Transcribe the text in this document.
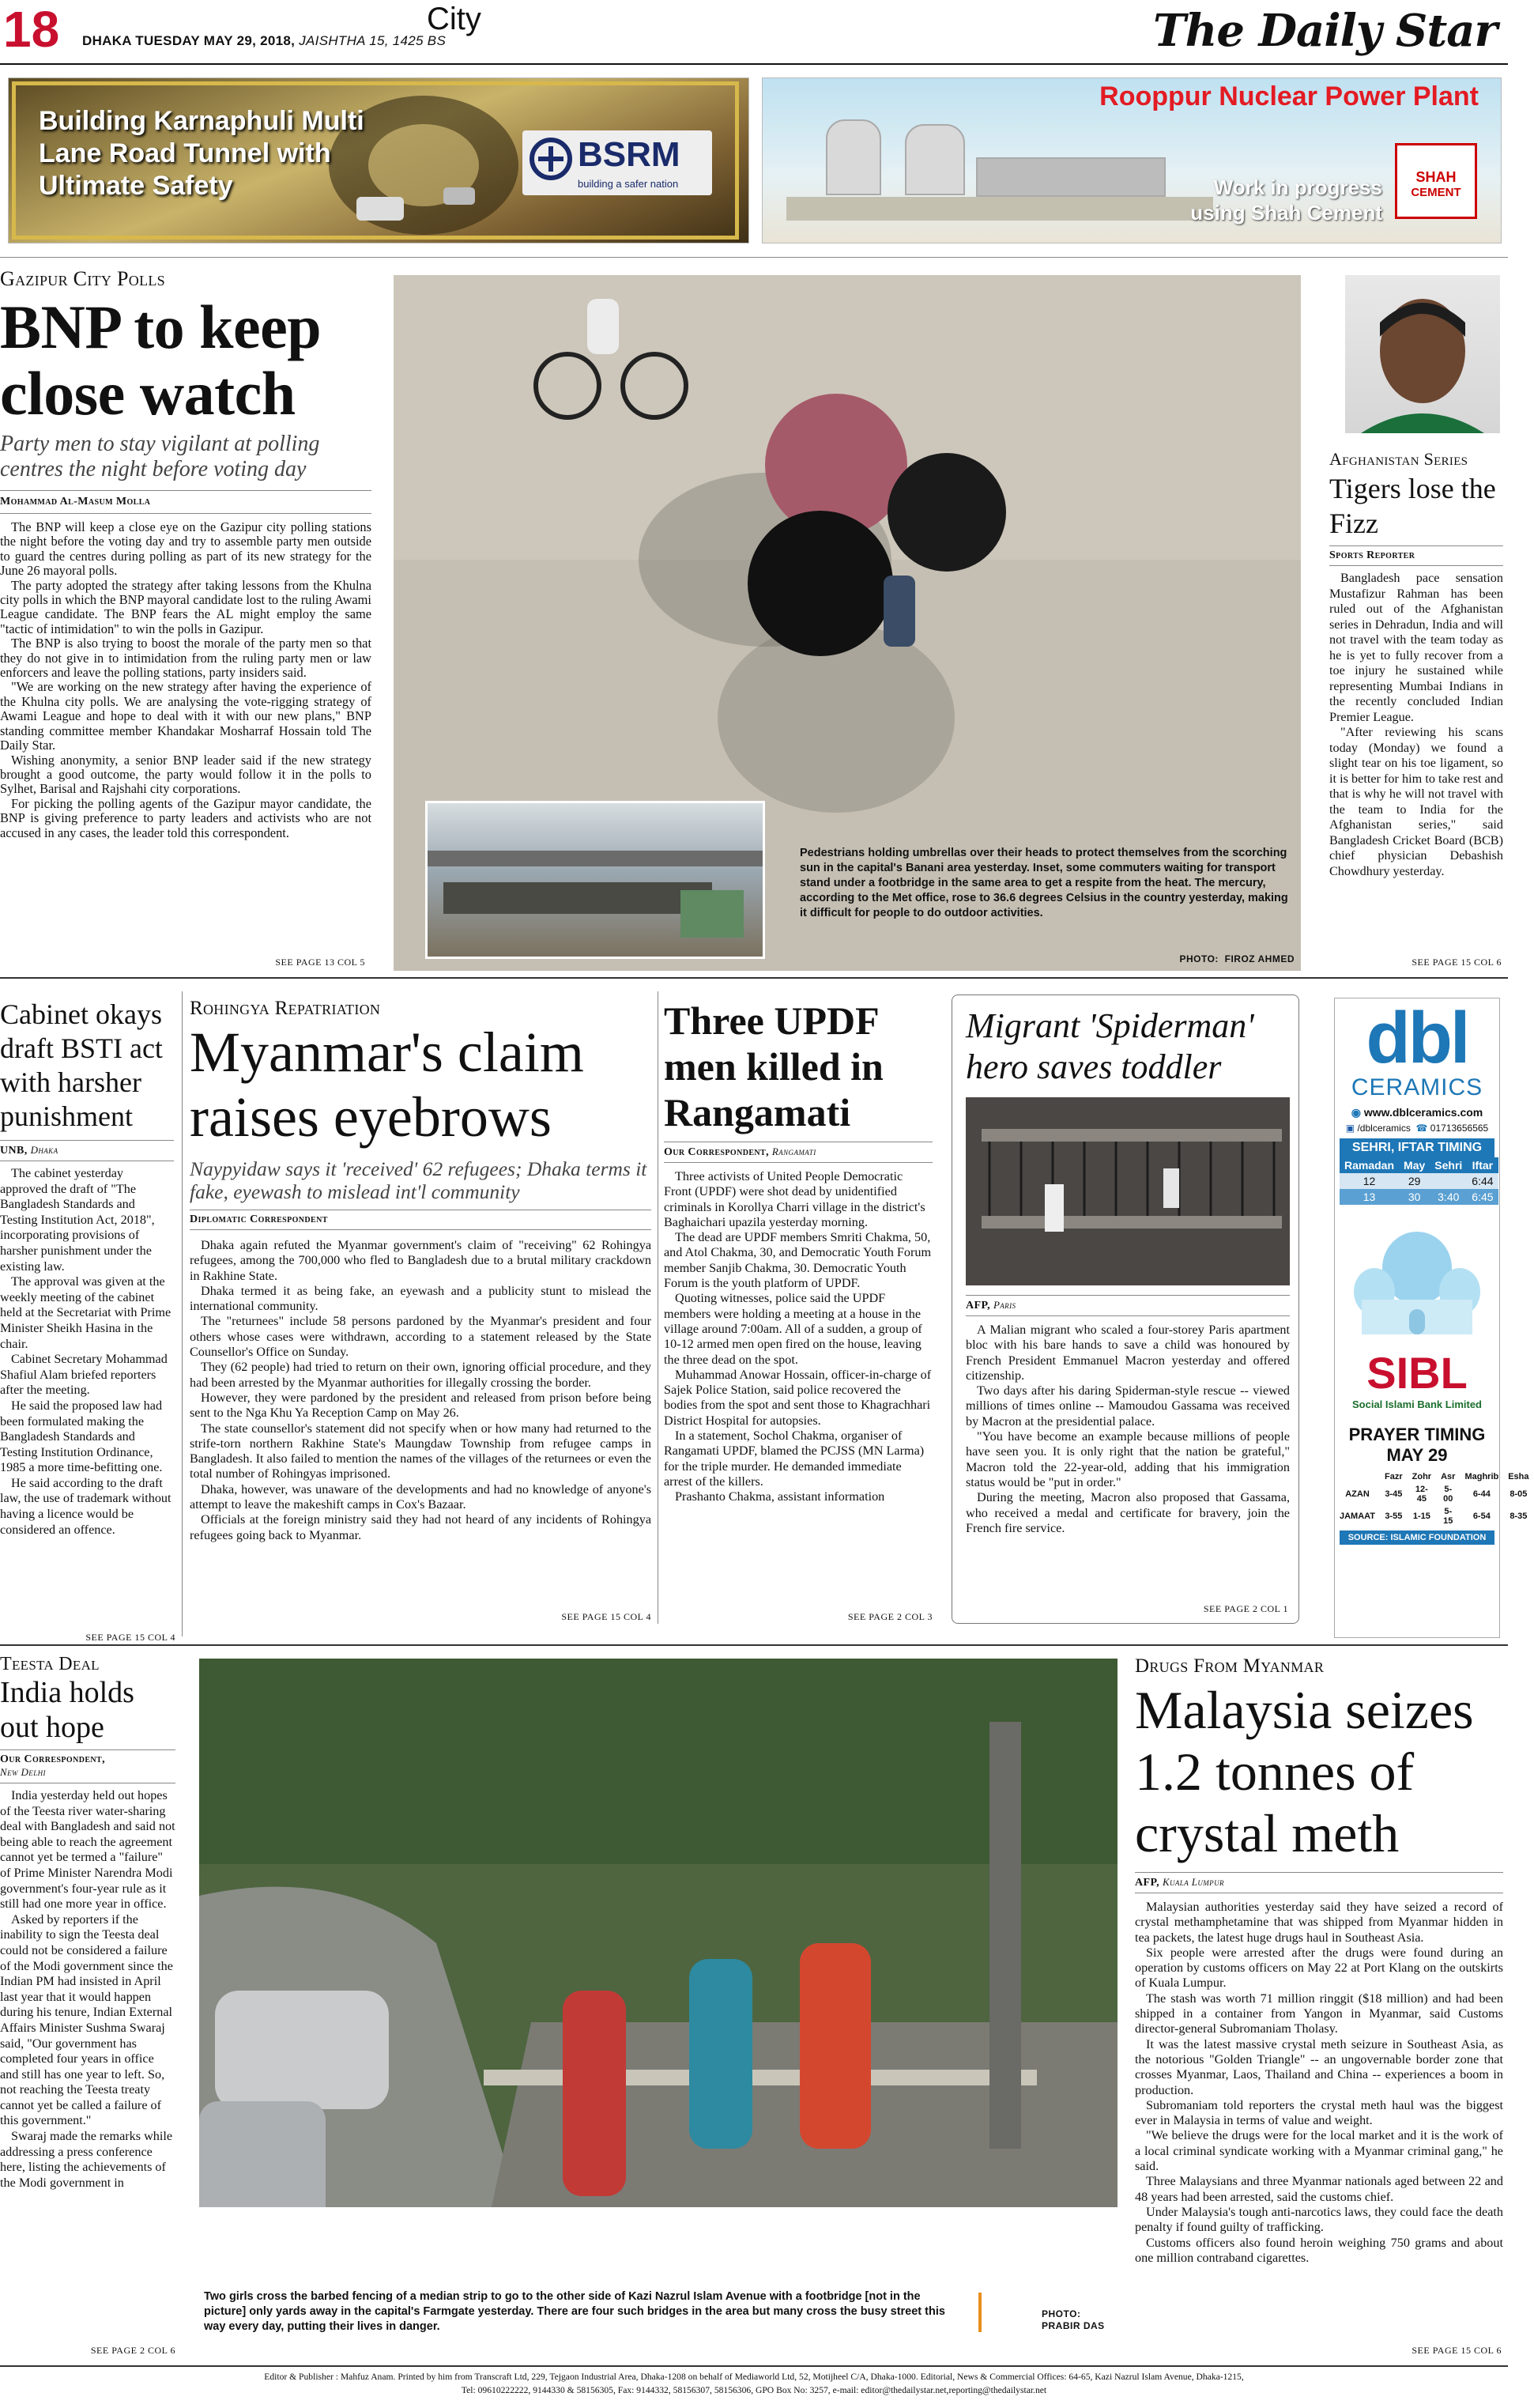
18	DHAKA TUESDAY MAY 29, 2018, JAISHTHA 15, 1425 BS
City	The Daily Star
Building Karnaphuli Multi Lane Road Tunnel with Ultimate Safety
BSRM
building a safer nation
Rooppur Nuclear Power Plant
Work in progress
using Shah Cement
SHAH
CEMENT
Gazipur City Polls
BNP to keep close watch
Party men to stay vigilant at polling centres the night before voting day
Mohammad Al-Masum Molla

The BNP will keep a close eye on the Gazipur city polling stations the night before the voting day and try to assemble party men outside to guard the centres during polling as part of its new strategy for the June 26 mayoral polls.

The party adopted the strategy after taking lessons from the Khulna city polls in which the BNP mayoral candidate lost to the ruling Awami League candidate. The BNP fears the AL might employ the same "tactic of intimidation" to win the polls in Gazipur.

The BNP is also trying to boost the morale of the party men so that they do not give in to intimidation from the ruling party men or law enforcers and leave the polling stations, party insiders said.

"We are working on the new strategy after having the experience of the Khulna city polls. We are analysing the vote-rigging strategy of Awami League and hope to deal with it with our new plans," BNP standing committee member Khandakar Mosharraf Hossain told The Daily Star.

Wishing anonymity, a senior BNP leader said if the new strategy brought a good outcome, the party would follow it in the polls to Sylhet, Barisal and Rajshahi city corporations.

For picking the polling agents of the Gazipur mayor candidate, the BNP is giving preference to party leaders and activists who are not accused in any cases, the leader told this correspondent.

SEE PAGE 13 COL 5
Pedestrians holding umbrellas over their heads to protect themselves from the scorching sun in the capital's Banani area yesterday. Inset, some commuters waiting for transport stand under a footbridge in the same area to get a respite from the heat. The mercury, according to the Met office, rose to 36.6 degrees Celsius in the country yesterday, making it difficult for people to do outdoor activities.
PHOTO: FIROZ AHMED
Afghanistan Series
Tigers lose the Fizz
Sports Reporter

Bangladesh pace sensation Mustafizur Rahman has been ruled out of the Afghanistan series in Dehradun, India and will not travel with the team today as he is yet to fully recover from a toe injury he sustained while representing Mumbai Indians in the recently concluded Indian Premier League.

"After reviewing his scans today (Monday) we found a slight tear on his toe ligament, so it is better for him to take rest and that is why he will not travel with the team to India for the Afghanistan series," said Bangladesh Cricket Board (BCB) chief physician Debashish Chowdhury yesterday.

SEE PAGE 15 COL 6
Cabinet okays draft BSTI act with harsher punishment
UNB, Dhaka

The cabinet yesterday approved the draft of "The Bangladesh Standards and Testing Institution Act, 2018", incorporating provisions of harsher punishment under the existing law.

The approval was given at the weekly meeting of the cabinet held at the Secretariat with Prime Minister Sheikh Hasina in the chair.

Cabinet Secretary Mohammad Shafiul Alam briefed reporters after the meeting.

He said the proposed law had been formulated making the Bangladesh Standards and Testing Institution Ordinance, 1985 a more time-befitting one.

He said according to the draft law, the use of trademark without having a licence would be considered an offence.

SEE PAGE 15 COL 4
Rohingya Repatriation
Myanmar's claim raises eyebrows
Naypyidaw says it 'received' 62 refugees; Dhaka terms it fake, eyewash to mislead int'l community
Diplomatic Correspondent

Dhaka again refuted the Myanmar government's claim of "receiving" 62 Rohingya refugees, among the 700,000 who fled to Bangladesh due to a brutal military crackdown in Rakhine State.

Dhaka termed it as being fake, an eyewash and a publicity stunt to mislead the international community.

The "returnees" include 58 persons pardoned by the Myanmar's president and four others whose cases were withdrawn, according to a statement released by the State Counsellor's Office on Sunday.

They (62 people) had tried to return on their own, ignoring official procedure, and they had been arrested by the Myanmar authorities for illegally crossing the border.

However, they were pardoned by the president and released from prison before being sent to the Nga Khu Ya Reception Camp on May 26.

The state counsellor's statement did not specify when or how many had returned to the strife-torn northern Rakhine State's Maungdaw Township from refugee camps in Bangladesh. It also failed to mention the names of the villages of the returnees or even the total number of Rohingyas imprisoned.

Dhaka, however, was unaware of the developments and had no knowledge of anyone's attempt to leave the makeshift camps in Cox's Bazaar.

Officials at the foreign ministry said they had not heard of any incidents of Rohingya refugees going back to Myanmar.

SEE PAGE 15 COL 4
Three UPDF men killed in Rangamati
Our Correspondent, Rangamati

Three activists of United People Democratic Front (UPDF) were shot dead by unidentified criminals in Korollya Charri village in the district's Baghaichari upazila yesterday morning.

The dead are UPDF members Smriti Chakma, 50, and Atol Chakma, 30, and Democratic Youth Forum member Sanjib Chakma, 30. Democratic Youth Forum is the youth platform of UPDF.

Quoting witnesses, police said the UPDF members were holding a meeting at a house in the village around 7:00am. All of a sudden, a group of 10-12 armed men open fired on the house, leaving the three dead on the spot.

Muhammad Anowar Hossain, officer-in-charge of Sajek Police Station, said police recovered the bodies from the spot and sent those to Khagrachhari District Hospital for autopsies.

In a statement, Sochol Chakma, organiser of Rangamati UPDF, blamed the PCJSS (MN Larma) for the triple murder. He demanded immediate arrest of the killers.

Prashanto Chakma, assistant information

SEE PAGE 2 COL 3
Migrant 'Spiderman' hero saves toddler
AFP, Paris

A Malian migrant who scaled a four-storey Paris apartment bloc with his bare hands to save a child was honoured by French President Emmanuel Macron yesterday and offered citizenship.

Two days after his daring Spiderman-style rescue -- viewed millions of times online -- Mamoudou Gassama was received by Macron at the presidential palace.

"You have become an example because millions of people have seen you. It is only right that the nation be grateful," Macron told the 22-year-old, adding that his immigration status would be "put in order."

During the meeting, Macron also proposed that Gassama, who received a medal and certificate for bravery, join the French fire service.

SEE PAGE 2 COL 1
dbl
CERAMICS
◉ www.dblceramics.com
▣ /dblceramics ☎ 01713656565
SEHRI, IFTAR TIMING
Ramadan	May	Sehri	Iftar
12	29		6:44
13	30	3:40	6:45
SIBL
Social Islami Bank Limited
PRAYER TIMING
MAY 29
	Fazr	Zohr	Asr	Maghrib	Esha
AZAN	3-45	12-45	5-00	6-44	8-05
JAMAAT	3-55	1-15	5-15	6-54	8-35
SOURCE: ISLAMIC FOUNDATION
Teesta Deal
India holds out hope
Our Correspondent,
New Delhi

India yesterday held out hopes of the Teesta river water-sharing deal with Bangladesh and said not being able to reach the agreement cannot yet be termed a "failure" of Prime Minister Narendra Modi government's four-year rule as it still had one more year in office.

Asked by reporters if the inability to sign the Teesta deal could not be considered a failure of the Modi government since the Indian PM had insisted in April last year that it would happen during his tenure, Indian External Affairs Minister Sushma Swaraj said, "Our government has completed four years in office and still has one year to left. So, not reaching the Teesta treaty cannot yet be called a failure of this government."

Swaraj made the remarks while addressing a press conference here, listing the achievements of the Modi government in

SEE PAGE 2 COL 6
Two girls cross the barbed fencing of a median strip to go to the other side of Kazi Nazrul Islam Avenue with a footbridge [not in the picture] only yards away in the capital's Farmgate yesterday. There are four such bridges in the area but many cross the busy street this way every day, putting their lives in danger.
PHOTO:
PRABIR DAS
Drugs From Myanmar
Malaysia seizes 1.2 tonnes of crystal meth
AFP, Kuala Lumpur

Malaysian authorities yesterday said they have seized a record of crystal methamphetamine that was shipped from Myanmar hidden in tea packets, the latest huge drugs haul in Southeast Asia.

Six people were arrested after the drugs were found during an operation by customs officers on May 22 at Port Klang on the outskirts of Kuala Lumpur.

The stash was worth 71 million ringgit ($18 million) and had been shipped in a container from Yangon in Myanmar, said Customs director-general Subromaniam Tholasy.

It was the latest massive crystal meth seizure in Southeast Asia, as the notorious "Golden Triangle" -- an ungovernable border zone that crosses Myanmar, Laos, Thailand and China -- experiences a boom in production.

Subromaniam told reporters the crystal meth haul was the biggest ever in Malaysia in terms of value and weight.

"We believe the drugs were for the local market and it is the work of a local criminal syndicate working with a Myanmar criminal gang," he said.

Three Malaysians and three Myanmar nationals aged between 22 and 48 years had been arrested, said the customs chief.

Under Malaysia's tough anti-narcotics laws, they could face the death penalty if found guilty of trafficking.

Customs officers also found heroin weighing 750 grams and about one million contraband cigarettes.

SEE PAGE 15 COL 6
Editor & Publisher : Mahfuz Anam. Printed by him from Transcraft Ltd, 229, Tejgaon Industrial Area, Dhaka-1208 on behalf of Mediaworld Ltd, 52, Motijheel C/A, Dhaka-1000. Editorial, News & Commercial Offices: 64-65, Kazi Nazrul Islam Avenue, Dhaka-1215,
Tel: 09610222222, 9144330 & 58156305, Fax: 9144332, 58156307, 58156306, GPO Box No: 3257, e-mail: editor@thedailystar.net,reporting@thedailystar.net
